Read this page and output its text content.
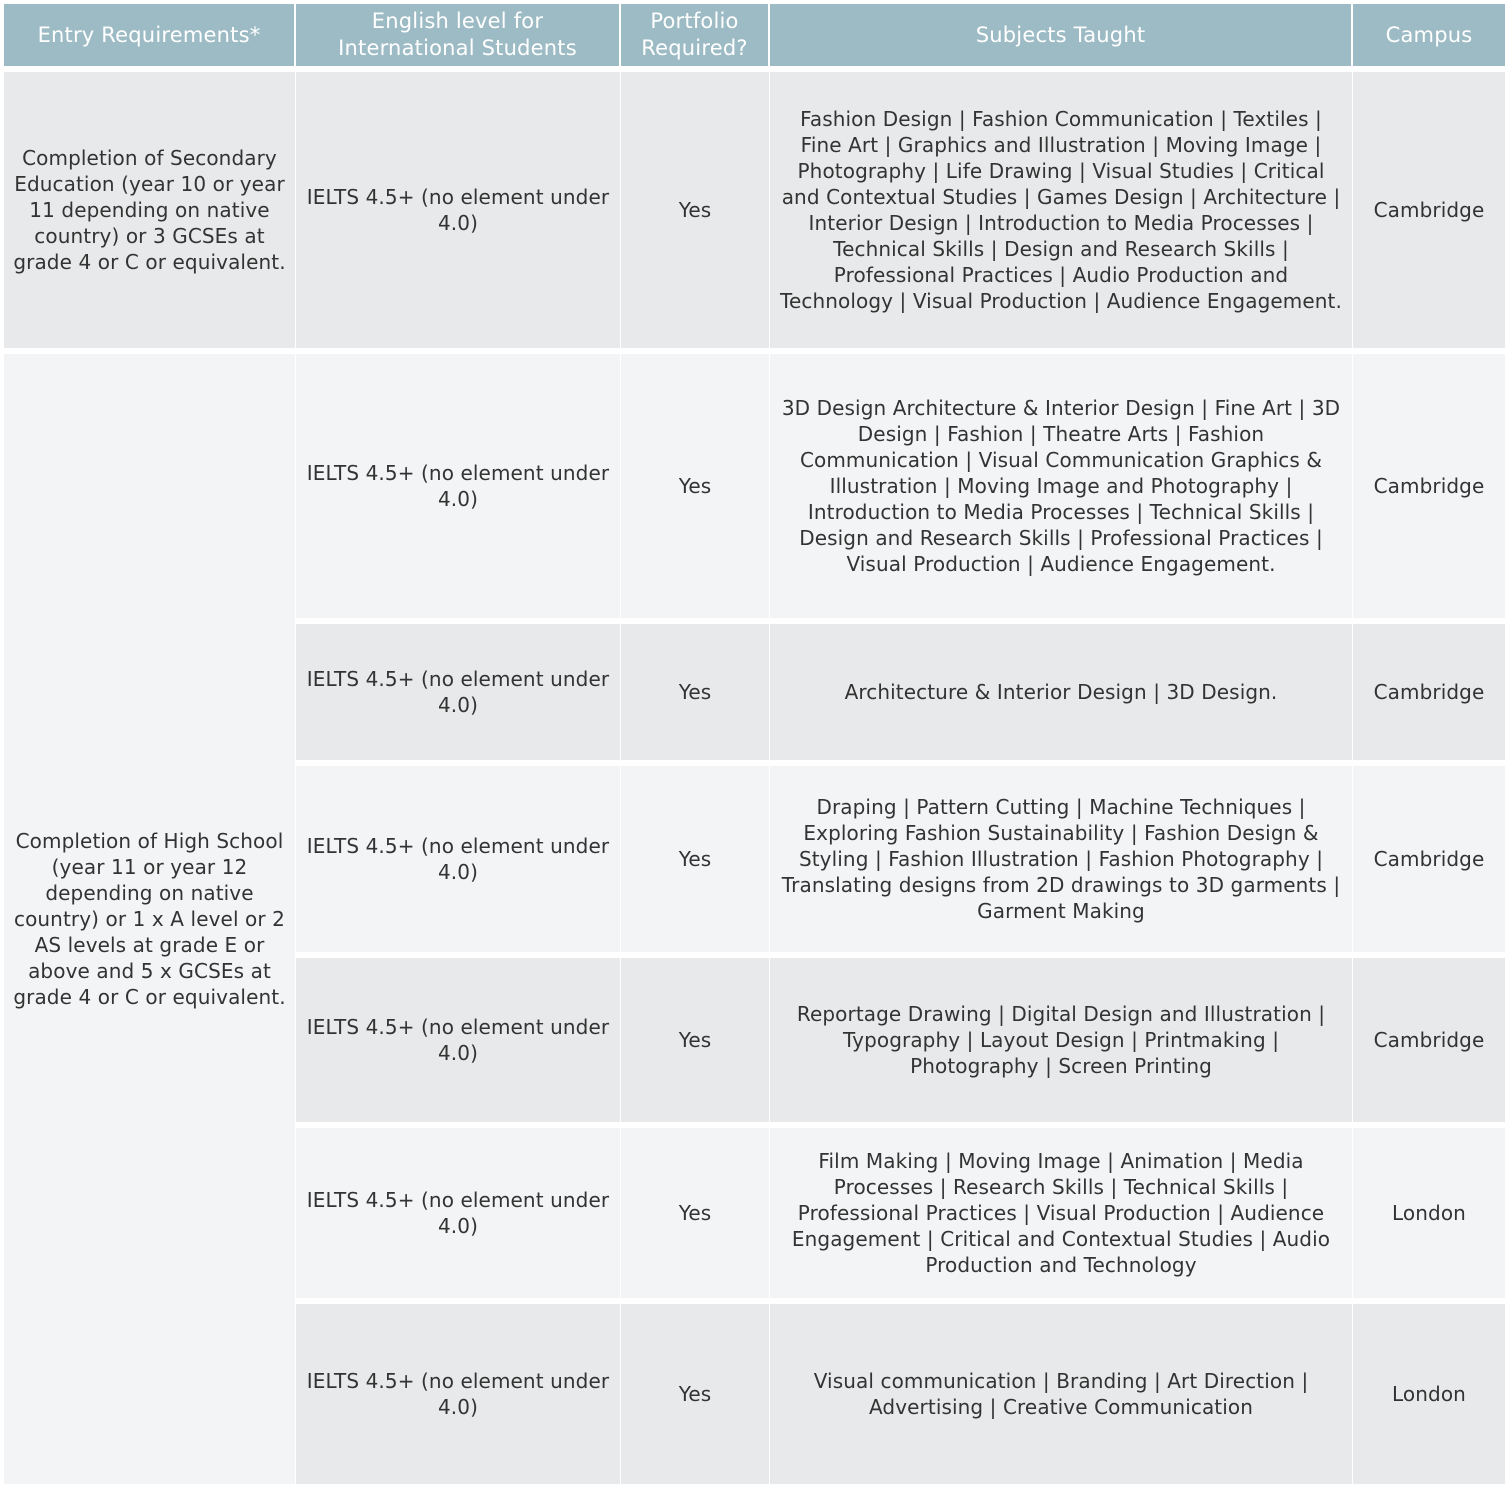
Entry Requirements*	English level for International Students	Portfolio Required?	Subjects Taught	Campus
Completion of Secondary Education (year 10 or year 11 depending on native country) or 3 GCSEs at grade 4 or C or equivalent.	IELTS 4.5+ (no element under 4.0)	Yes	Fashion Design | Fashion Communication | Textiles | Fine Art | Graphics and Illustration | Moving Image | Photography | Life Drawing | Visual Studies | Critical and Contextual Studies | Games Design | Architecture | Interior Design | Introduction to Media Processes | Technical Skills | Design and Research Skills | Professional Practices | Audio Production and Technology | Visual Production | Audience Engagement.	Cambridge
Completion of High School (year 11 or year 12 depending on native country) or 1 x A level or 2 AS levels at grade E or above and 5 x GCSEs at grade 4 or C or equivalent.	IELTS 4.5+ (no element under 4.0)	Yes	3D Design Architecture & Interior Design | Fine Art | 3D Design | Fashion | Theatre Arts | Fashion Communication | Visual Communication Graphics & Illustration | Moving Image and Photography | Introduction to Media Processes | Technical Skills | Design and Research Skills | Professional Practices | Visual Production | Audience Engagement.	Cambridge
	IELTS 4.5+ (no element under 4.0)	Yes	Architecture & Interior Design | 3D Design.	Cambridge
	IELTS 4.5+ (no element under 4.0)	Yes	Draping | Pattern Cutting | Machine Techniques | Exploring Fashion Sustainability | Fashion Design & Styling | Fashion Illustration | Fashion Photography | Translating designs from 2D drawings to 3D garments | Garment Making	Cambridge
	IELTS 4.5+ (no element under 4.0)	Yes	Reportage Drawing | Digital Design and Illustration | Typography | Layout Design | Printmaking | Photography | Screen Printing	Cambridge
	IELTS 4.5+ (no element under 4.0)	Yes	Film Making | Moving Image | Animation | Media Processes | Research Skills | Technical Skills | Professional Practices | Visual Production | Audience Engagement | Critical and Contextual Studies | Audio Production and Technology	London
	IELTS 4.5+ (no element under 4.0)	Yes	Visual communication | Branding | Art Direction | Advertising | Creative Communication	London
